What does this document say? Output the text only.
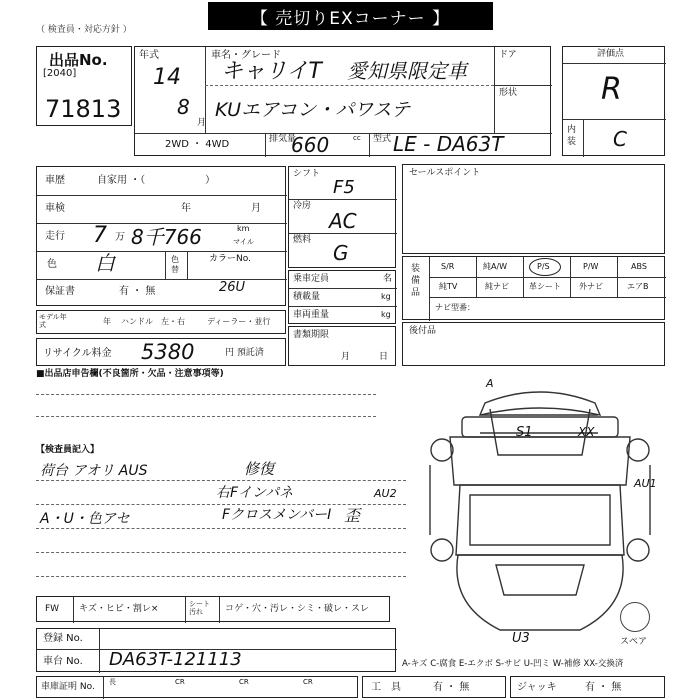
【 売切りEXコーナー 】
（ 検査員・対応方針 ）
出品No.
[2040]
71813
年式
14
8
月
車名・グレード
キャリイT 愛知県限定車
KUエアコン・パワステ
ドア
形状
2WD ・ 4WD	排気量
660	cc 型式 LE - DA63T
評価点
R
内装 C
車歴	自家用 ・（　　　　　　）
車検	年	月
走行 7 万 8千766	km
マイル
色 白	色替
カラーNo.
26U
保証書	有 ・ 無
モデル年式	年 ハンドル　左・右	ディーラー・並行
リサイクル料金 5380	円 預託済
シフト
F5
冷房
AC
燃料
G
乗車定員	名
積載量	kg
車両重量	kg
書類期限
月	日
セールスポイント
装備品
S/R	純A/W	P/S	P/W	ABS
純TV	純ナビ	革シート 外ナビ	エアB
ナビ型番：
後付品
■出品店申告欄(不良箇所・欠品・注意事項等)
【検査員記入】
荷台 アオリ AUS	修復
右Fインパネ
A・U・色アセ	FクロスメンバーⅠ 歪
A
S1	XX
AU2
AU1
U3	スペア
FW キズ・ヒビ・割レ×	シート汚れ	コゲ・穴・汚レ・シミ・破レ・スレ
登録 No.
車台 No. DA63T-121113	A-キズ C-腐食 E-エクボ S-サビ U-凹ミ W-補修 XX-交換済
車庫証明 No. 長	CR	CR	CR	工　具	有 ・ 無	ジャッキ	有 ・ 無
